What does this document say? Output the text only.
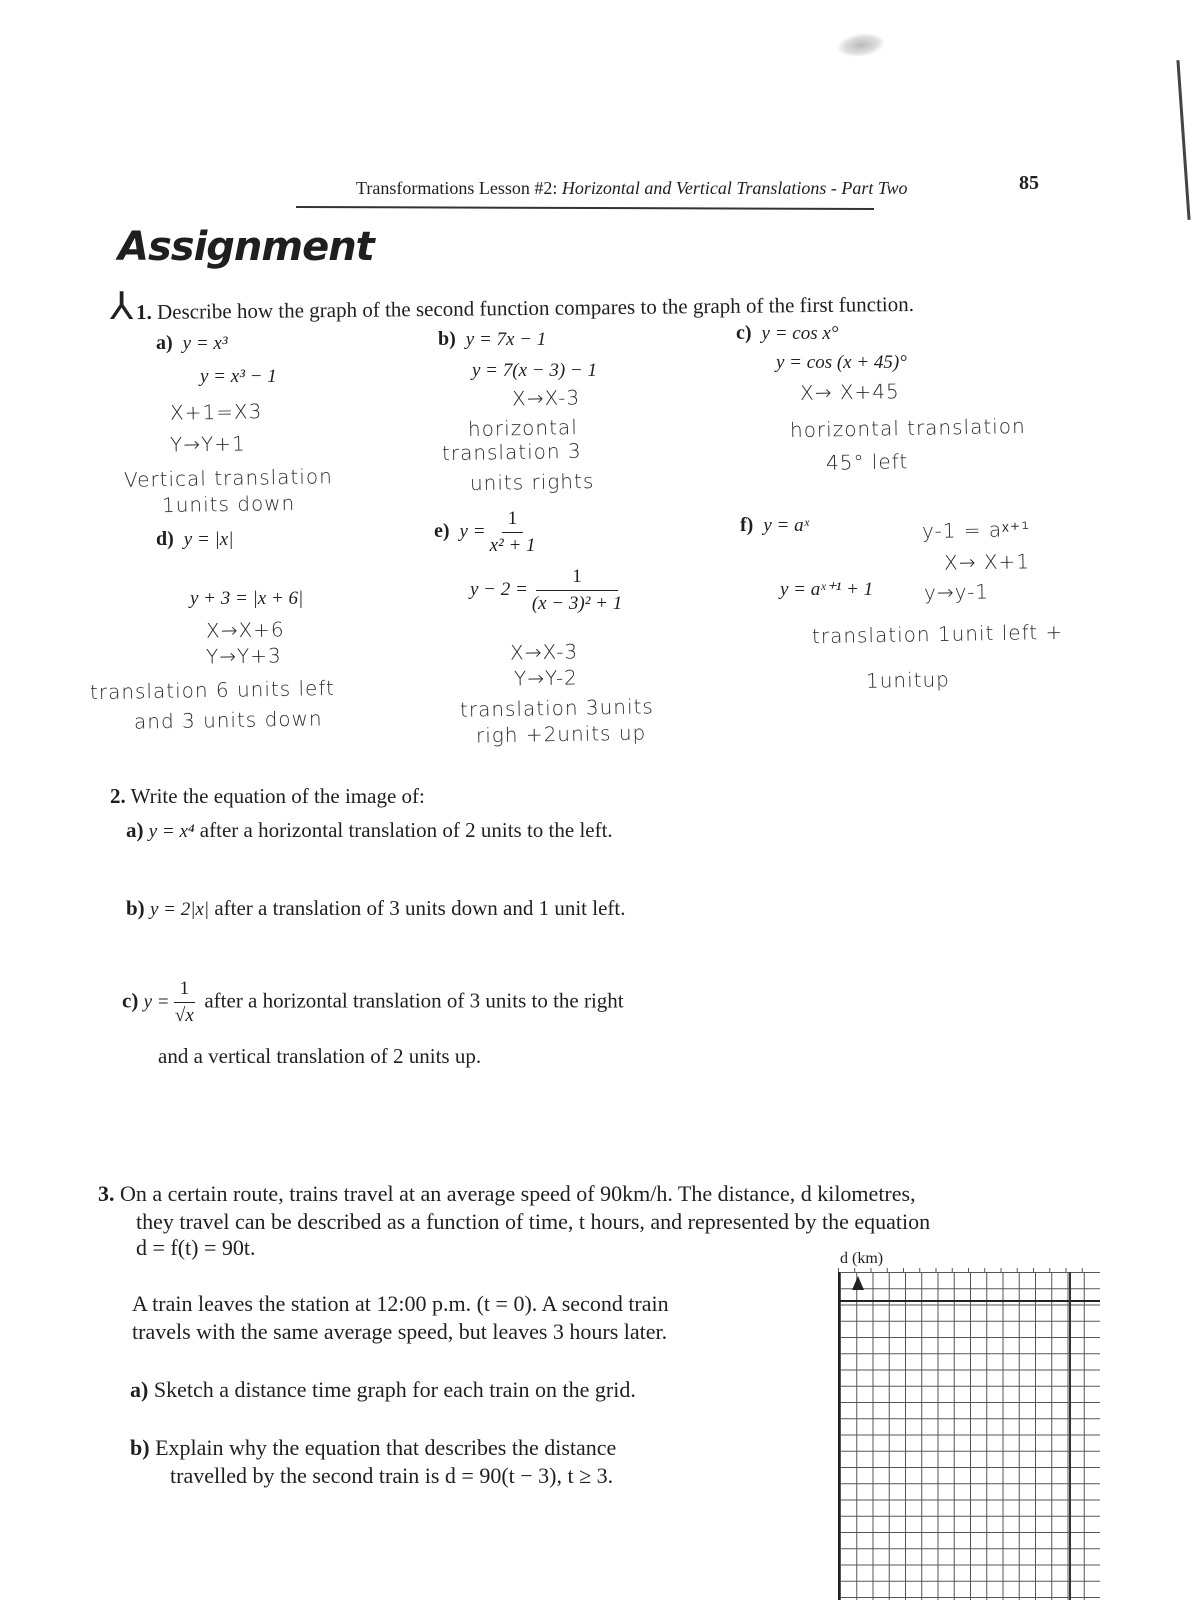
Transformations Lesson #2: Horizontal and Vertical Translations - Part Two	85
Assignment
⅄ 1. Describe how the graph of the second function compares to the graph of the first function.
a) y = x³
y = x³ − 1
X+1=X3
Y→Y+1
Vertical translation
1units down
b) y = 7x − 1
y = 7(x − 3) − 1
X→X-3
horizontal
translation 3
units rights
c) y = cos x°
y = cos (x + 45)°
X→ X+45
horizontal translation
45° left
d) y = |x|
y + 3 = |x + 6|
X→X+6
Y→Y+3
translation 6 units left
and 3 units down
e) $y = \frac{1}{\text{x² + 1}}$
$y - 2 = \frac{1}{\text{(x − 3)² + 1}}$
X→X-3
Y→Y-2
translation 3units
righ +2units up
f) y = aˣ
y = aˣ⁺¹ + 1
y-1 = aˣ⁺¹
X→ X+1
y→y-1
translation 1unit left +
1unitup
2. Write the equation of the image of:
a) y = x⁴ after a horizontal translation of 2 units to the left.
b) y = 2|x| after a translation of 3 units down and 1 unit left.
c) $y = \frac{1}{√x}$ after a horizontal translation of 3 units to the right
and a vertical translation of 2 units up.
3. On a certain route, trains travel at an average speed of 90km/h. The distance, d kilometres,
they travel can be described as a function of time, t hours, and represented by the equation
d = f(t) = 90t.
A train leaves the station at 12:00 p.m. (t = 0). A second train
travels with the same average speed, but leaves 3 hours later.
a) Sketch a distance time graph for each train on the grid.
b) Explain why the equation that describes the distance
travelled by the second train is d = 90(t − 3), t ≥ 3.
d (km)
